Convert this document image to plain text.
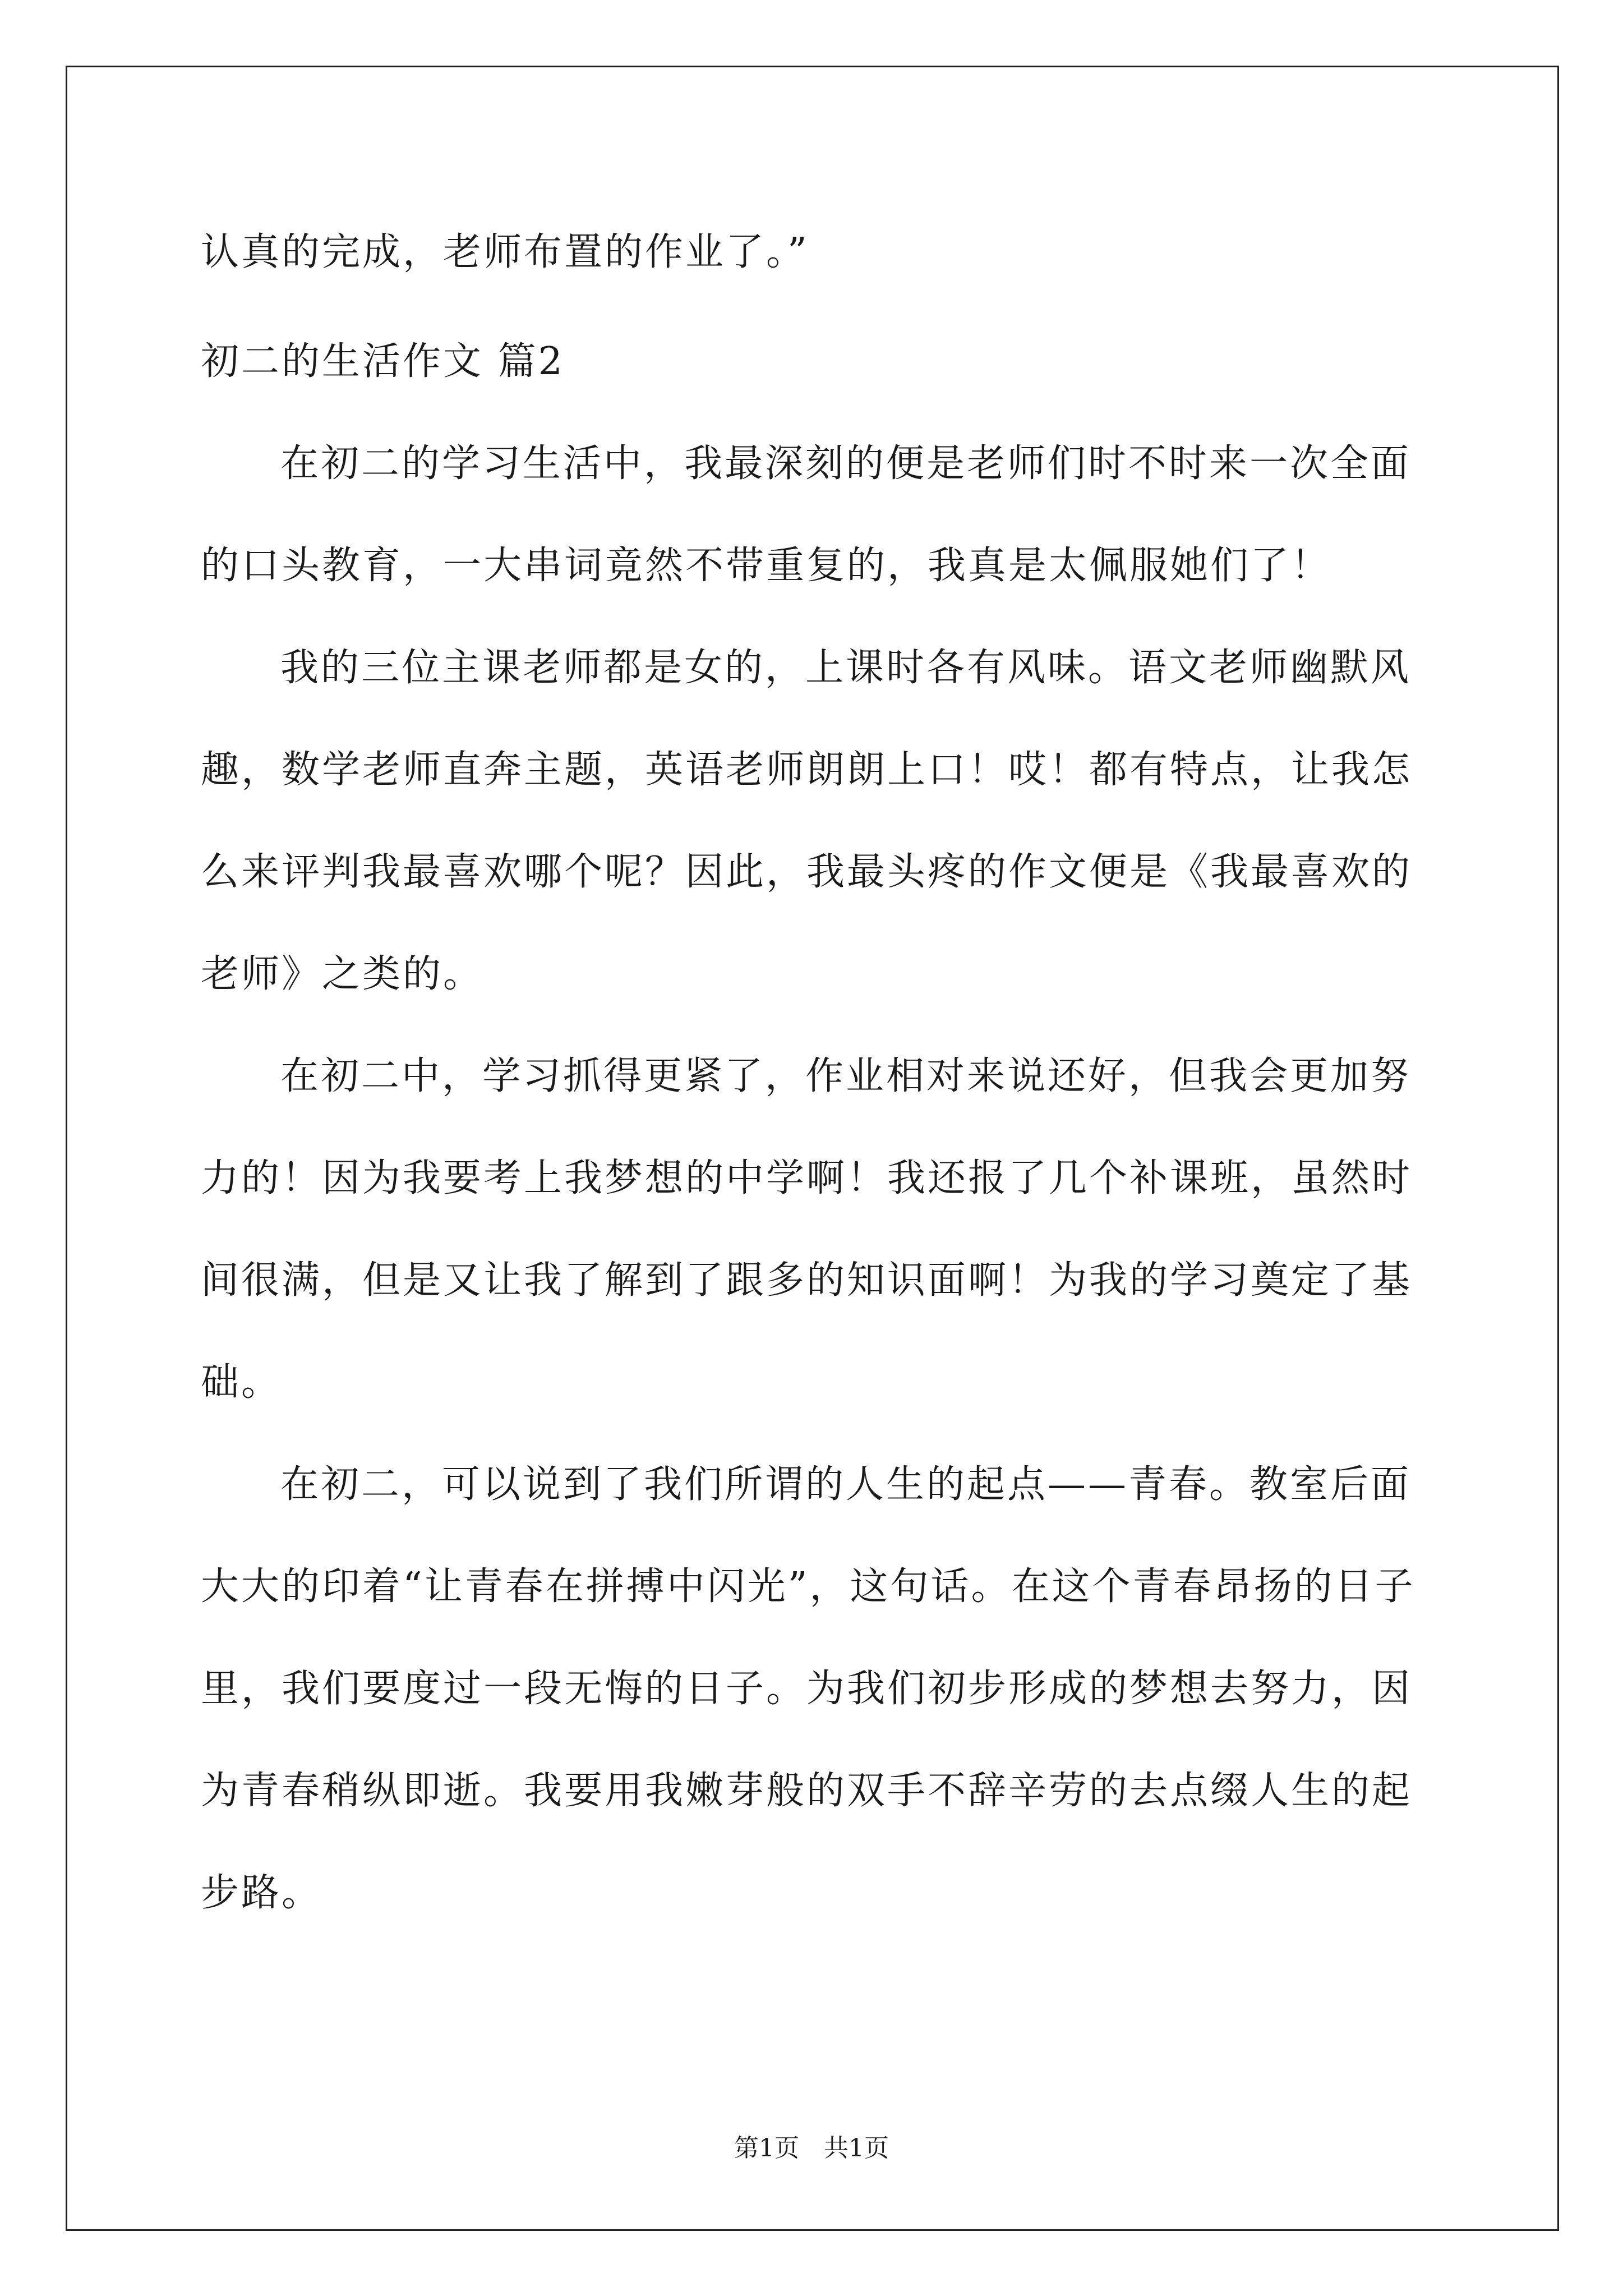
认真的完成，老师布置的作业了。”
初二的生活作文 篇2
在初二的学习生活中，我最深刻的便是老师们时不时来一次全面
的口头教育，一大串词竟然不带重复的，我真是太佩服她们了！
我的三位主课老师都是女的，上课时各有风味。语文老师幽默风
趣，数学老师直奔主题，英语老师朗朗上口！哎！都有特点，让我怎
么来评判我最喜欢哪个呢？因此，我最头疼的作文便是《我最喜欢的
老师》之类的。
在初二中，学习抓得更紧了，作业相对来说还好，但我会更加努
力的！因为我要考上我梦想的中学啊！我还报了几个补课班，虽然时
间很满，但是又让我了解到了跟多的知识面啊！为我的学习奠定了基
础。
在初二，可以说到了我们所谓的人生的起点——青春。教室后面
大大的印着“让青春在拼搏中闪光”，这句话。在这个青春昂扬的日子
里，我们要度过一段无悔的日子。为我们初步形成的梦想去努力，因
为青春稍纵即逝。我要用我嫩芽般的双手不辞辛劳的去点缀人生的起
步路。
第1页　共1页
